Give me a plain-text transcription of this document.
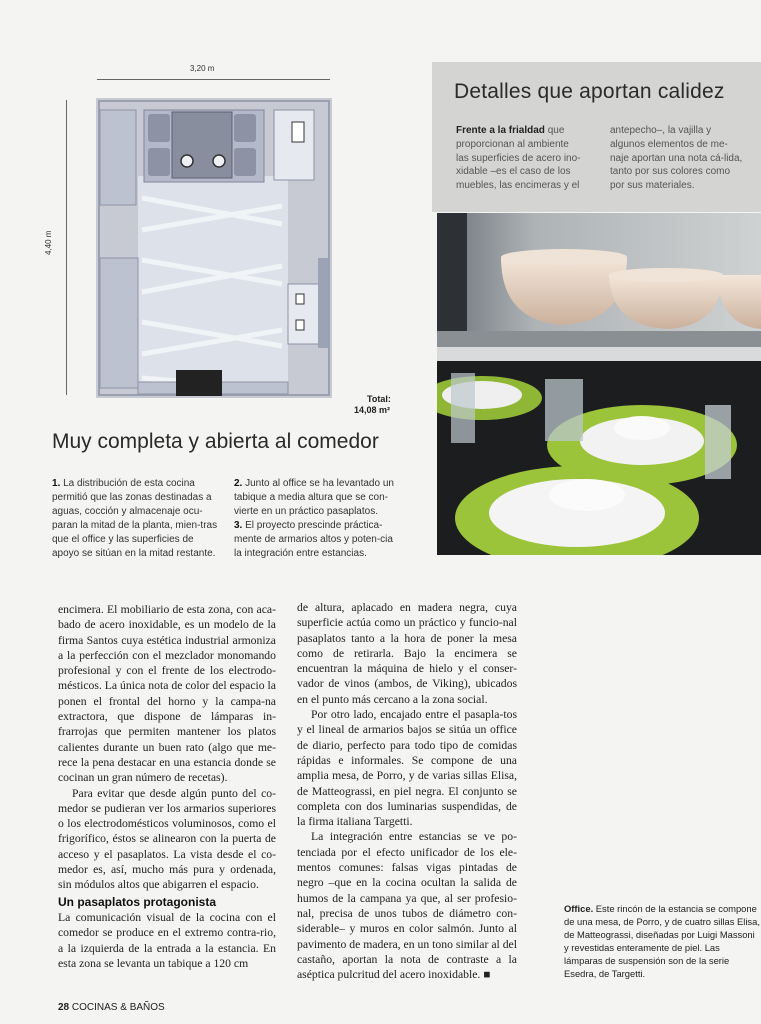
3,20 m
4,40 m
Total:
14,08 m²
Detalles que aportan calidez
Frente a la frialdad que proporcionan al ambiente las superficies de acero ino-xidable –es el caso de los muebles, las encimeras y el
antepecho–, la vajilla y algunos elementos de me-naje aportan una nota cá-lida, tanto por sus colores como por sus materiales.
Muy completa y abierta al comedor
1. La distribución de esta cocina permitió que las zonas destinadas a aguas, cocción y almacenaje ocu-paran la mitad de la planta, mien-tras que el office y las superficies de apoyo se sitúan en la mitad restante.
2. Junto al office se ha levantado un tabique a media altura que se con-vierte en un práctico pasaplatos.
3. El proyecto prescinde práctica-mente de armarios altos y poten-cia la integración entre estancias.

encimera. El mobiliario de esta zona, con aca-bado de acero inoxidable, es un modelo de la firma Santos cuya estética industrial armoniza a la perfección con el mezclador monomando profesional y con el frente de los electrodo-mésticos. La única nota de color del espacio la ponen el frontal del horno y la campa-na extractora, que dispone de lámparas in-frarrojas que permiten mantener los platos calientes durante un buen rato (algo que me-rece la pena destacar en una estancia donde se cocinan un gran número de recetas).

Para evitar que desde algún punto del co-medor se pudieran ver los armarios superiores o los electrodomésticos voluminosos, como el frigorífico, éstos se alinearon con la puerta de acceso y el pasaplatos. La vista desde el co-medor es, así, mucho más pura y ordenada, sin módulos altos que abigarren el espacio.

Un pasaplatos protagonista

La comunicación visual de la cocina con el comedor se produce en el extremo contra-rio, a la izquierda de la entrada a la estancia. En esta zona se levanta un tabique a 120 cm

de altura, aplacado en madera negra, cuya superficie actúa como un práctico y funcio-nal pasaplatos tanto a la hora de poner la mesa como de retirarla. Bajo la encimera se encuentran la máquina de hielo y el conser-vador de vinos (ambos, de Viking), ubicados en el punto más cercano a la zona social.

Por otro lado, encajado entre el pasapla-tos y el lineal de armarios bajos se sitúa un office de diario, perfecto para todo tipo de comidas rápidas e informales. Se compone de una amplia mesa, de Porro, y de varias sillas Elisa, de Matteograssi, en piel negra. El conjunto se completa con dos luminarias suspendidas, de la firma italiana Targetti.

La integración entre estancias se ve po-tenciada por el efecto unificador de los ele-mentos comunes: falsas vigas pintadas de negro –que en la cocina ocultan la salida de humos de la campana ya que, al ser profesio-nal, precisa de unos tubos de diámetro con-siderable– y muros en color salmón. Junto al pavimento de madera, en un tono similar al del castaño, aportan la nota de contraste a la aséptica pulcritud del acero inoxidable. ■

Office. Este rincón de la estancia se compone de una mesa, de Porro, y de cuatro sillas Elisa, de Matteograssi, diseñadas por Luigi Massoni y revestidas enteramente de piel. Las lámparas de suspensión son de la serie Esedra, de Targetti.
28 COCINAS & BAÑOS
